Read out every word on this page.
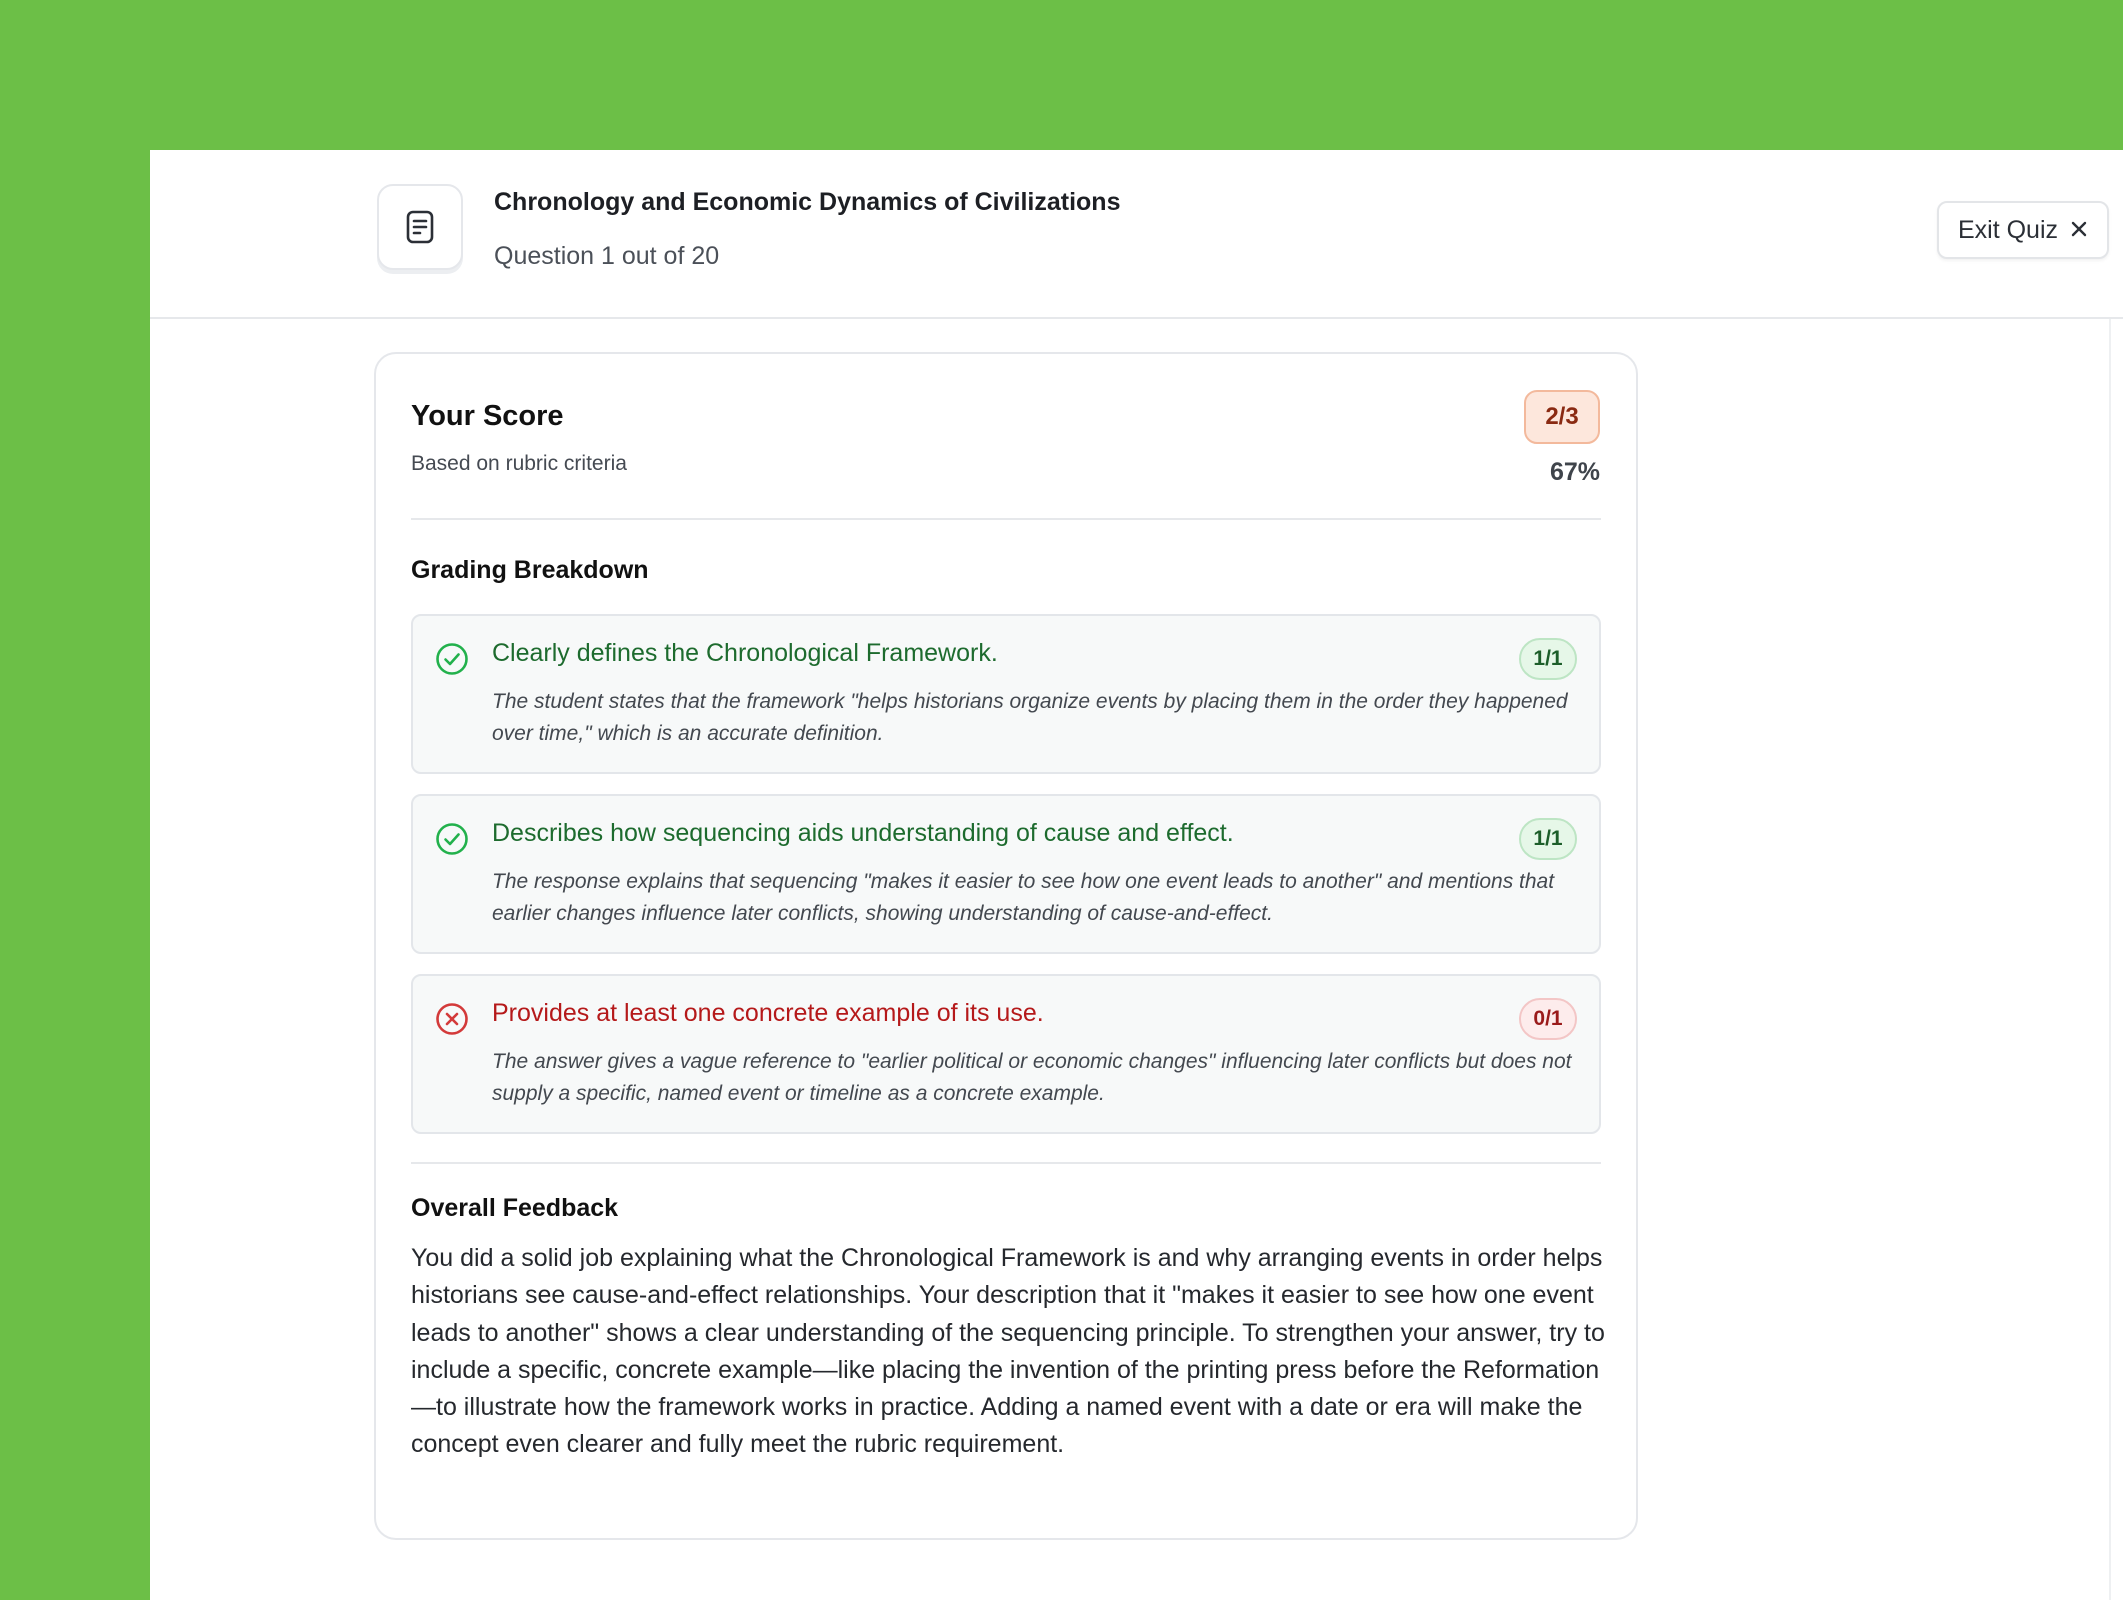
Chronology and Economic Dynamics of Civilizations
Question 1 out of 20
Exit Quiz
Your Score
Based on rubric criteria
2/3
67%
Grading Breakdown
Clearly defines the Chronological Framework.	1/1
The student states that the framework "helps historians organize events by placing them in the order they happened over time," which is an accurate definition.
Describes how sequencing aids understanding of cause and effect.	1/1
The response explains that sequencing "makes it easier to see how one event leads to another" and mentions that earlier changes influence later conflicts, showing understanding of cause-and-effect.
Provides at least one concrete example of its use.	0/1
The answer gives a vague reference to "earlier political or economic changes" influencing later conflicts but does not supply a specific, named event or timeline as a concrete example.
Overall Feedback
You did a solid job explaining what the Chronological Framework is and why arranging events in order helps historians see cause-and-effect relationships. Your description that it "makes it easier to see how one event leads to another" shows a clear understanding of the sequencing principle. To strengthen your answer, try to include a specific, concrete example—like placing the invention of the printing press before the Reformation—to illustrate how the framework works in practice. Adding a named event with a date or era will make the concept even clearer and fully meet the rubric requirement.
